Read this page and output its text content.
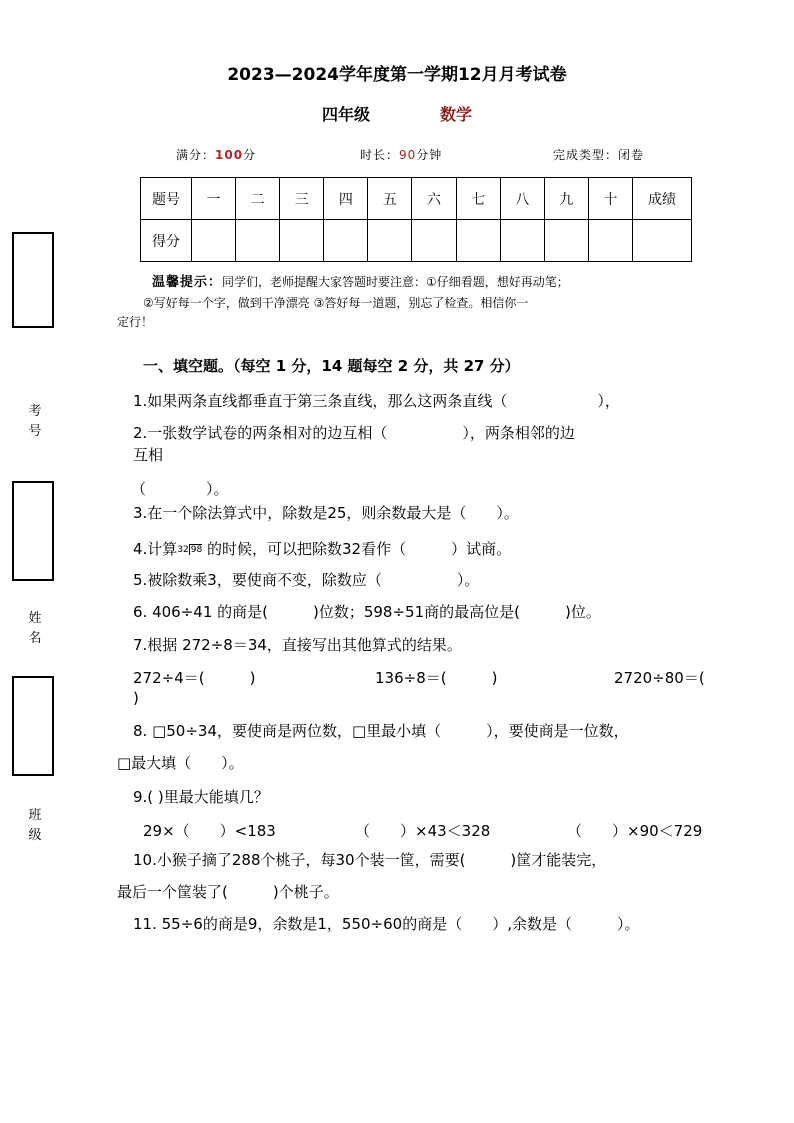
2023—2024学年度第一学期12月月考试卷
四年级	数学
满分：100分	时长：90分钟	完成类型：闭卷
题号	一	二	三	四	五	六	七	八	九	十	成绩
得分											
温馨提示：同学们，老师提醒大家答题时要注意：①仔细看题，想好再动笔；
②写好每一个字，做到干净漂亮 ③答好每一道题，别忘了检查。相信你一
定行！
考号
姓名
班级
一、填空题。（每空 1 分，14 题每空 2 分，共 27 分）
1.如果两条直线都垂直于第三条直线，那么这两条直线（　　　　　　），
2.一张数学试卷的两条相对的边互相（　　　　　），两条相邻的边
互相
（　　　　）。
3.在一个除法算式中，除数是25，则余数最大是（　　）。
4.计算32 98 的时候，可以把除数32看作（　　　）试商。
5.被除数乘3，要使商不变，除数应（　　　　　）。
6. 406÷41 的商是(　　　)位数；598÷51商的最高位是(　　　)位。
7.根据 272÷8＝34，直接写出其他算式的结果。
272÷4＝(　　　)	136÷8＝(　　　)	2720÷80＝(
)
8. □50÷34，要使商是两位数，□里最小填（　　　），要使商是一位数，
□最大填（　　）。
9.( )里最大能填几？
29×（　　）<183	（　　）×43＜328	（　　）×90＜729
10.小猴子摘了288个桃子，每30个装一筐，需要(　　　)筐才能装完，
最后一个筐装了(　　　)个桃子。
11. 55÷6的商是9，余数是1，550÷60的商是（　　）,余数是（　　　）。
